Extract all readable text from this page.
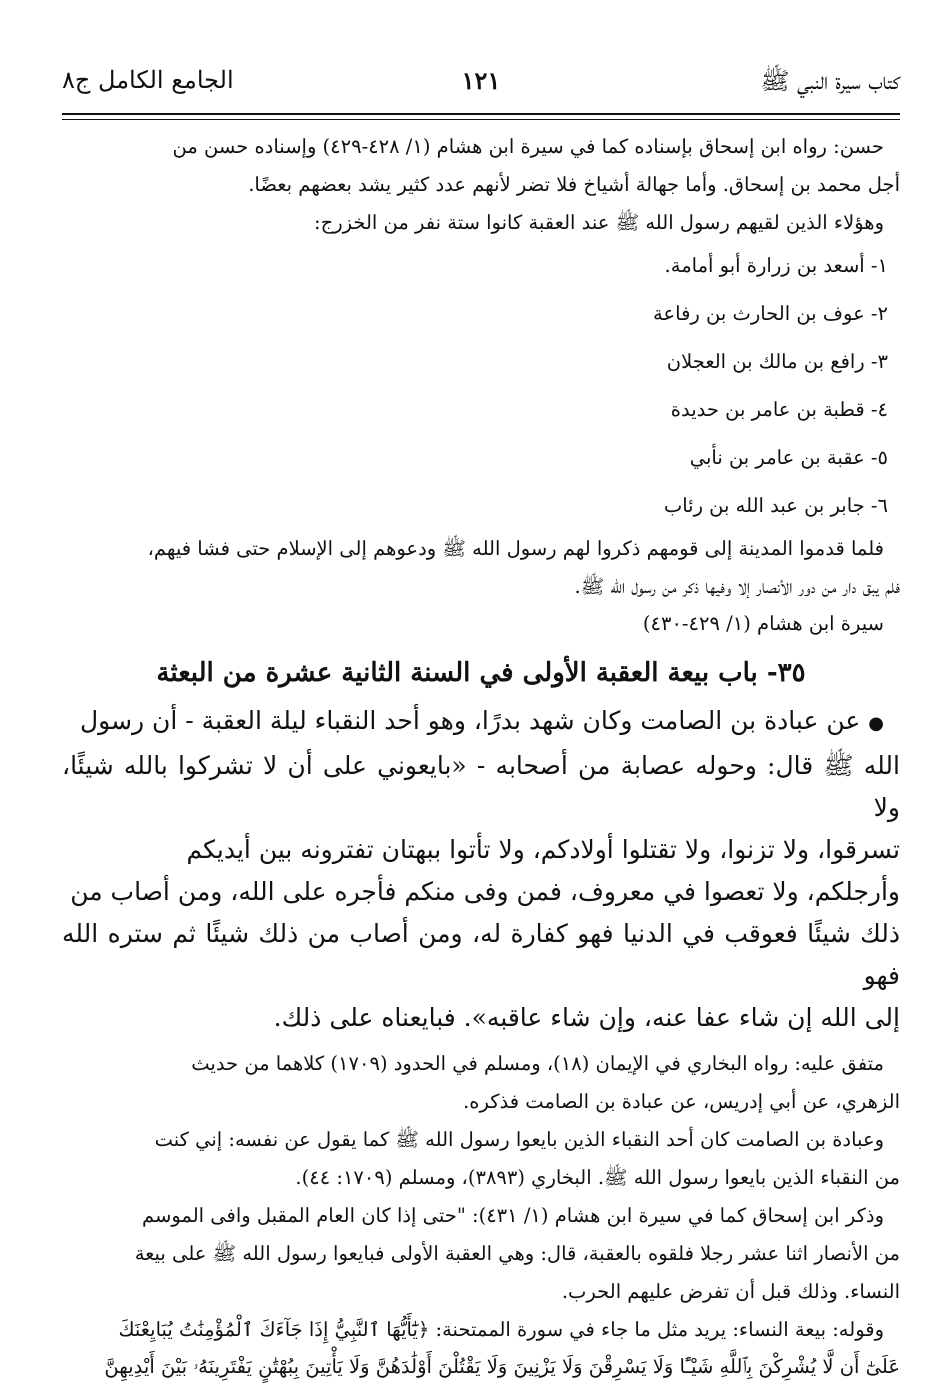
كتاب سيرة النبي ﷺ
١٢١
الجامع الكامل ج٨

حسن: رواه ابن إسحاق بإسناده كما في سيرة ابن هشام (١/ ٤٢٨-٤٢٩) وإسناده حسن من

أجل محمد بن إسحاق. وأما جهالة أشياخ فلا تضر لأنهم عدد كثير يشد بعضهم بعضًا.

وهؤلاء الذين لقيهم رسول الله ﷺ عند العقبة كانوا ستة نفر من الخزرج:

١- أسعد بن زرارة أبو أمامة.

٢- عوف بن الحارث بن رفاعة

٣- رافع بن مالك بن العجلان

٤- قطبة بن عامر بن حديدة

٥- عقبة بن عامر بن نأبي

٦- جابر بن عبد الله بن رئاب

فلما قدموا المدينة إلى قومهم ذكروا لهم رسول الله ﷺ ودعوهم إلى الإسلام حتى فشا فيهم،

فلم يبق دار من دور الأنصار إلا وفيها ذكر من رسول الله ﷺ.

سيرة ابن هشام (١/ ٤٢٩-٤٣٠)

٣٥- باب بيعة العقبة الأولى في السنة الثانية عشرة من البعثة

●عن عبادة بن الصامت وكان شهد بدرًا، وهو أحد النقباء ليلة العقبة - أن رسول

الله ﷺ قال: وحوله عصابة من أصحابه - «بايعوني على أن لا تشركوا بالله شيئًا، ولا

تسرقوا، ولا تزنوا، ولا تقتلوا أولادكم، ولا تأتوا ببهتان تفترونه بين أيديكم

وأرجلكم، ولا تعصوا في معروف، فمن وفى منكم فأجره على الله، ومن أصاب من

ذلك شيئًا فعوقب في الدنيا فهو كفارة له، ومن أصاب من ذلك شيئًا ثم ستره الله فهو

إلى الله إن شاء عفا عنه، وإن شاء عاقبه». فبايعناه على ذلك.

متفق عليه: رواه البخاري في الإيمان (١٨)، ومسلم في الحدود (١٧٠٩) كلاهما من حديث

الزهري، عن أبي إدريس، عن عبادة بن الصامت فذكره.

وعبادة بن الصامت كان أحد النقباء الذين بايعوا رسول الله ﷺ كما يقول عن نفسه: إني كنت

من النقباء الذين بايعوا رسول الله ﷺ. البخاري (٣٨٩٣)، ومسلم (١٧٠٩: ٤٤).

وذكر ابن إسحاق كما في سيرة ابن هشام (١/ ٤٣١): "حتى إذا كان العام المقبل وافى الموسم

من الأنصار اثنا عشر رجلا فلقوه بالعقبة، قال: وهي العقبة الأولى فبايعوا رسول الله ﷺ على بيعة

النساء. وذلك قبل أن تفرض عليهم الحرب.

وقوله: بيعة النساء: يريد مثل ما جاء في سورة الممتحنة: ﴿يَٰٓأَيُّهَا ٱلنَّبِيُّ إِذَا جَآءَكَ ٱلْمُؤْمِنَٰتُ يُبَايِعْنَكَ

عَلَىٰٓ أَن لَّا يُشْرِكْنَ بِٱللَّهِ شَيْـًٔا وَلَا يَسْرِقْنَ وَلَا يَزْنِينَ وَلَا يَقْتُلْنَ أَوْلَٰدَهُنَّ وَلَا يَأْتِينَ بِبُهْتَٰنٍ يَفْتَرِينَهُۥ بَيْنَ أَيْدِيهِنَّ
